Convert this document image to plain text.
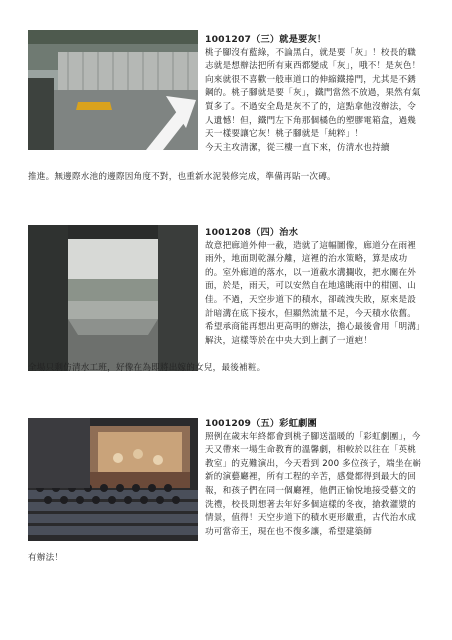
1001207（三）就是要灰！

桃子腳沒有藍綠，不論黑白，就是要「灰」！校長的職志就是想辦法把所有東西都變成「灰」，哦不！是灰色！向來就很不喜歡一般車道口的伸縮鐵捲門，尤其是不銹鋼的。桃子腳就是要「灰」，鐵門當然不放過，果然有氣質多了。不過安全島是灰不了的，這點拿他沒辦法，令人遺憾！但，鐵門左下角那個橘色的塑膠電箱盒，過幾天一樣要讓它灰！桃子腳就是「純粹」！

今天主攻清潔，從三樓一直下來，仿清水也持續

推進。無邊際水池的邊際因角度不對，也重新水泥裝修完成，準備再貼一次磚。
1001208（四）治水

故意把廊道外伸一截，造就了這幅圖像，廊道分在雨裡雨外，地面則乾濕分離，這裡的治水策略，算是成功的。室外廊道的落水，以一道截水溝攔收，把水關在外面，於是，雨天，可以安然自在地遠眺雨中的柑園、山佳。不過，天空步道下的積水，卻疏洩失敗，原來是設計暗溝在底下接水，但顯然流量不足，今天積水依舊。希望承商能再想出更高明的辦法，擔心最後會用「明溝」解決，這樣等於在中央大到上劃了一道疤！

全場只剩仿清水工班，好像在為即將出嫁的女兒，最後補粧。
1001209（五）彩虹劇團

照例在歲末年終都會到桃子腳送溫暖的「彩虹劇團」，今天又帶來一場生命教育的溫馨劇，相較於以往在「英桃教室」的克難演出，今天看到 200 多位孩子，端坐在嶄新的演藝廳裡，所有工程的辛苦，感覺都得到最大的回報，和孩子們在同一個廳裡，他們正愉悅地接受藝文的洗禮，校長則想著去年好多個這樣的冬夜，搶救灌漿的情景，值得！天空步道下的積水更形嚴重，古代治水成功可當帝王，現在也不復多讓，希望建築師

有辦法！
